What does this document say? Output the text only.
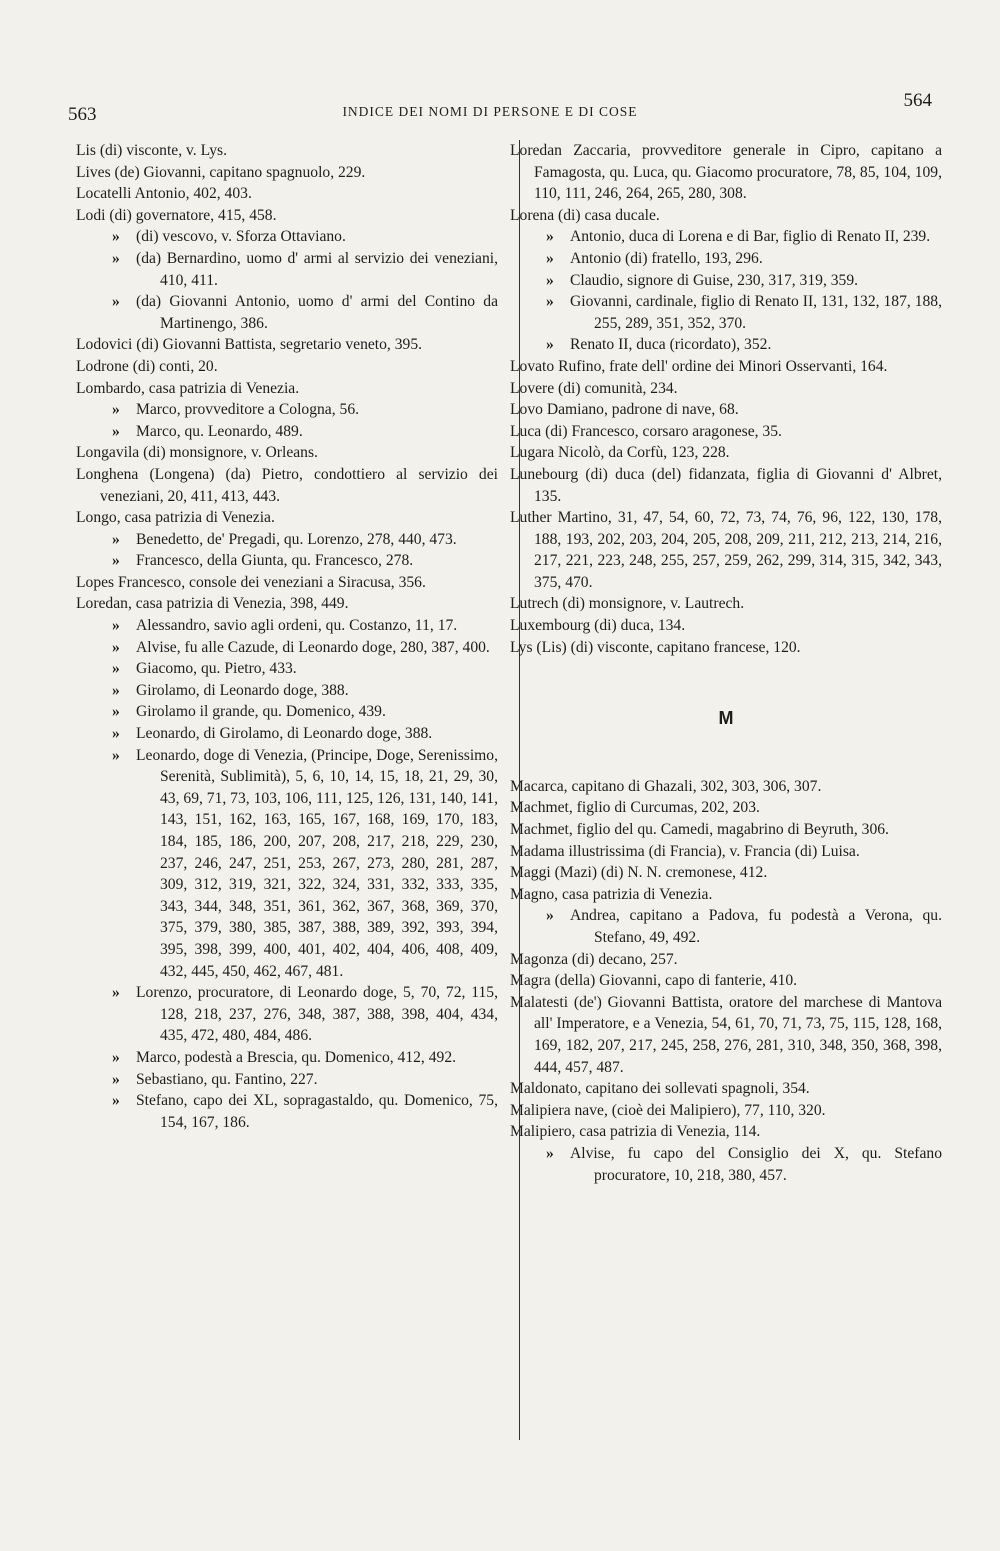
563	INDICE DEI NOMI DI PERSONE E DI COSE
564
Lis (di) visconte, v. Lys.
Lives (de) Giovanni, capitano spagnuolo, 229.
Locatelli Antonio, 402, 403.
Lodi (di) governatore, 415, 458.
» (di) vescovo, v. Sforza Ottaviano.
» (da) Bernardino, uomo d' armi al servizio dei veneziani, 410, 411.
» (da) Giovanni Antonio, uomo d' armi del Contino da Martinengo, 386.
Lodovici (di) Giovanni Battista, segretario veneto, 395.
Lodrone (di) conti, 20.
Lombardo, casa patrizia di Venezia.
» Marco, provveditore a Cologna, 56.
» Marco, qu. Leonardo, 489.
Longavila (di) monsignore, v. Orleans.
Longhena (Longena) (da) Pietro, condottiero al servizio dei veneziani, 20, 411, 413, 443.
Longo, casa patrizia di Venezia.
» Benedetto, de' Pregadi, qu. Lorenzo, 278, 440, 473.
» Francesco, della Giunta, qu. Francesco, 278.
Lopes Francesco, console dei veneziani a Siracusa, 356.
Loredan, casa patrizia di Venezia, 398, 449.
» Alessandro, savio agli ordeni, qu. Costanzo, 11, 17.
» Alvise, fu alle Cazude, di Leonardo doge, 280, 387, 400.
» Giacomo, qu. Pietro, 433.
» Girolamo, di Leonardo doge, 388.
» Girolamo il grande, qu. Domenico, 439.
» Leonardo, di Girolamo, di Leonardo doge, 388.
» Leonardo, doge di Venezia, (Principe, Doge, Serenissimo, Serenità, Sublimità), 5, 6, 10, 14, 15, 18, 21, 29, 30, 43, 69, 71, 73, 103, 106, 111, 125, 126, 131, 140, 141, 143, 151, 162, 163, 165, 167, 168, 169, 170, 183, 184, 185, 186, 200, 207, 208, 217, 218, 229, 230, 237, 246, 247, 251, 253, 267, 273, 280, 281, 287, 309, 312, 319, 321, 322, 324, 331, 332, 333, 335, 343, 344, 348, 351, 361, 362, 367, 368, 369, 370, 375, 379, 380, 385, 387, 388, 389, 392, 393, 394, 395, 398, 399, 400, 401, 402, 404, 406, 408, 409, 432, 445, 450, 462, 467, 481.
» Lorenzo, procuratore, di Leonardo doge, 5, 70, 72, 115, 128, 218, 237, 276, 348, 387, 388, 398, 404, 434, 435, 472, 480, 484, 486.
» Marco, podestà a Brescia, qu. Domenico, 412, 492.
» Sebastiano, qu. Fantino, 227.
» Stefano, capo dei XL, sopragastaldo, qu. Domenico, 75, 154, 167, 186.
Loredan Zaccaria, provveditore generale in Cipro, capitano a Famagosta, qu. Luca, qu. Giacomo procuratore, 78, 85, 104, 109, 110, 111, 246, 264, 265, 280, 308.
Lorena (di) casa ducale.
» Antonio, duca di Lorena e di Bar, figlio di Renato II, 239.
» Antonio (di) fratello, 193, 296.
» Claudio, signore di Guise, 230, 317, 319, 359.
» Giovanni, cardinale, figlio di Renato II, 131, 132, 187, 188, 255, 289, 351, 352, 370.
» Renato II, duca (ricordato), 352.
Lovato Rufino, frate dell' ordine dei Minori Osservanti, 164.
Lovere (di) comunità, 234.
Lovo Damiano, padrone di nave, 68.
Luca (di) Francesco, corsaro aragonese, 35.
Lugara Nicolò, da Corfù, 123, 228.
Lunebourg (di) duca (del) fidanzata, figlia di Giovanni d' Albret, 135.
Luther Martino, 31, 47, 54, 60, 72, 73, 74, 76, 96, 122, 130, 178, 188, 193, 202, 203, 204, 205, 208, 209, 211, 212, 213, 214, 216, 217, 221, 223, 248, 255, 257, 259, 262, 299, 314, 315, 342, 343, 375, 470.
Lutrech (di) monsignore, v. Lautrech.
Luxembourg (di) duca, 134.
Lys (Lis) (di) visconte, capitano francese, 120.
M
Macarca, capitano di Ghazali, 302, 303, 306, 307.
Machmet, figlio di Curcumas, 202, 203.
Machmet, figlio del qu. Camedi, magabrino di Beyruth, 306.
Madama illustrissima (di Francia), v. Francia (di) Luisa.
Maggi (Mazi) (di) N. N. cremonese, 412.
Magno, casa patrizia di Venezia.
» Andrea, capitano a Padova, fu podestà a Verona, qu. Stefano, 49, 492.
Magonza (di) decano, 257.
Magra (della) Giovanni, capo di fanterie, 410.
Malatesti (de') Giovanni Battista, oratore del marchese di Mantova all' Imperatore, e a Venezia, 54, 61, 70, 71, 73, 75, 115, 128, 168, 169, 182, 207, 217, 245, 258, 276, 281, 310, 348, 350, 368, 398, 444, 457, 487.
Maldonato, capitano dei sollevati spagnoli, 354.
Malipiera nave, (cioè dei Malipiero), 77, 110, 320.
Malipiero, casa patrizia di Venezia, 114.
» Alvise, fu capo del Consiglio dei X, qu. Stefano procuratore, 10, 218, 380, 457.
